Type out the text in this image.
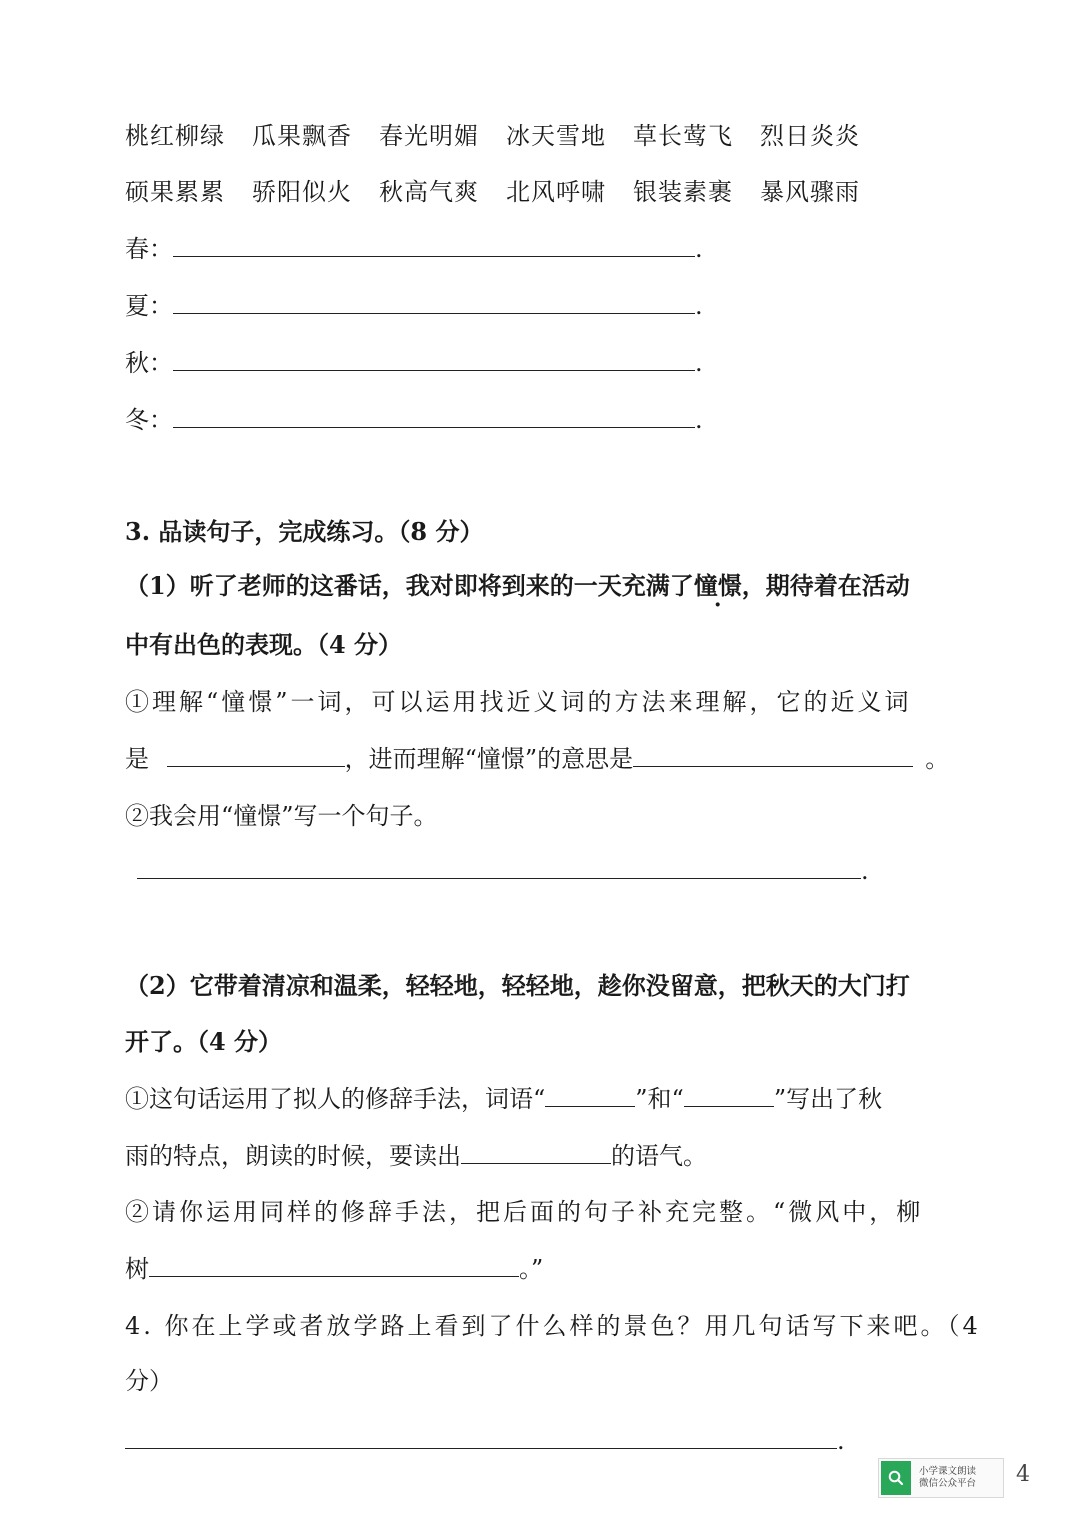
桃红柳绿 瓜果飘香 春光明媚 冰天雪地 草长莺飞 烈日炎炎
硕果累累 骄阳似火 秋高气爽 北风呼啸 银装素裹 暴风骤雨
春：	.
夏：	.
秋：	.
冬：	.
3. 品读句子，完成练习。（8 分）
（1）听了老师的这番话，我对即将到来的一天充满了憧憬，期待着在活动
中有出色的表现。（4 分）
①理解“憧憬”一词，可以运用找近义词的方法来理解，它的近义词
是	，进而理解“憧憬”的意思是	。
②我会用“憧憬”写一个句子。
.
（2）它带着清凉和温柔，轻轻地，轻轻地，趁你没留意，把秋天的大门打
开了。（4 分）
①这句话运用了拟人的修辞手法，词语“	”和“	”写出了秋
雨的特点，朗读的时候，要读出	的语气。
②请你运用同样的修辞手法，把后面的句子补充完整。“微风中，柳
树	。”
4. 你在上学或者放学路上看到了什么样的景色？用几句话写下来吧。（4
分）
.
小学课文朗读
微信公众平台 4
